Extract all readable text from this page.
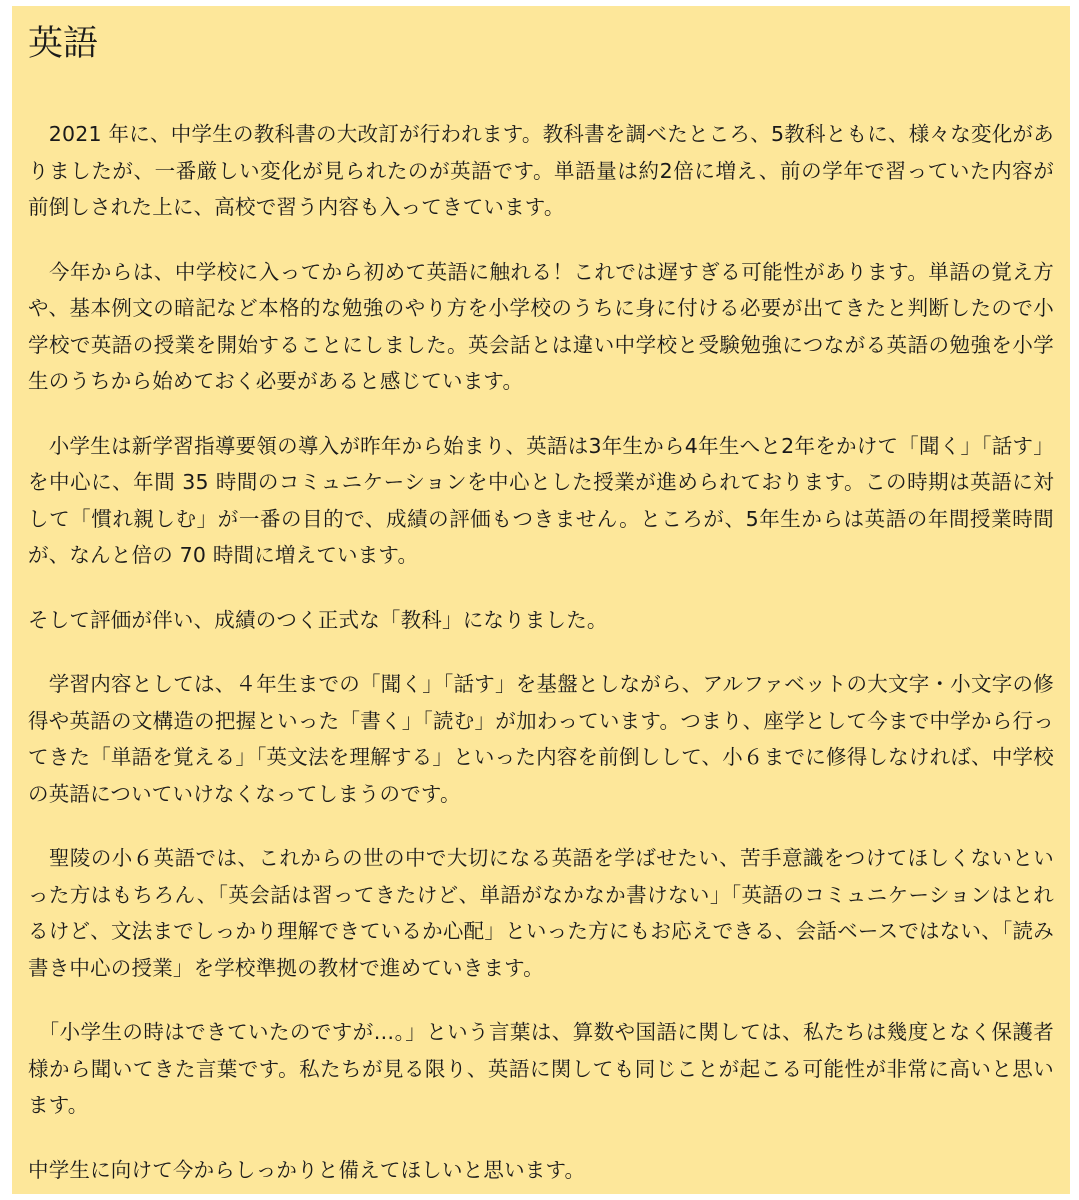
英語

　2021 年に、中学生の教科書の大改訂が行われます。教科書を調べたところ、5教科ともに、様々な変化がありましたが、一番厳しい変化が見られたのが英語です。単語量は約2倍に増え、前の学年で習っていた内容が前倒しされた上に、高校で習う内容も入ってきています。

　今年からは、中学校に入ってから初めて英語に触れる！これでは遅すぎる可能性があります。単語の覚え方や、基本例文の暗記など本格的な勉強のやり方を小学校のうちに身に付ける必要が出てきたと判断したので小学校で英語の授業を開始することにしました。英会話とは違い中学校と受験勉強につながる英語の勉強を小学生のうちから始めておく必要があると感じています。

　小学生は新学習指導要領の導入が昨年から始まり、英語は3年生から4年生へと2年をかけて「聞く」「話す」を中心に、年間 35 時間のコミュニケーションを中心とした授業が進められております。この時期は英語に対して「慣れ親しむ」が一番の目的で、成績の評価もつきません。ところが、5年生からは英語の年間授業時間が、なんと倍の 70 時間に増えています。

そして評価が伴い、成績のつく正式な「教科」になりました。

　学習内容としては、４年生までの「聞く」「話す」を基盤としながら、アルファベットの大文字・小文字の修得や英語の文構造の把握といった「書く」「読む」が加わっています。つまり、座学として今まで中学から行ってきた「単語を覚える」「英文法を理解する」といった内容を前倒しして、小６までに修得しなければ、中学校の英語についていけなくなってしまうのです。

　聖陵の小６英語では、これからの世の中で大切になる英語を学ばせたい、苦手意識をつけてほしくないといった方はもちろん、「英会話は習ってきたけど、単語がなかなか書けない」「英語のコミュニケーションはとれるけど、文法までしっかり理解できているか心配」といった方にもお応えできる、会話ベースではない、「読み書き中心の授業」を学校準拠の教材で進めていきます。

　「小学生の時はできていたのですが…。」という言葉は、算数や国語に関しては、私たちは幾度となく保護者様から聞いてきた言葉です。私たちが見る限り、英語に関しても同じことが起こる可能性が非常に高いと思います。

中学生に向けて今からしっかりと備えてほしいと思います。
